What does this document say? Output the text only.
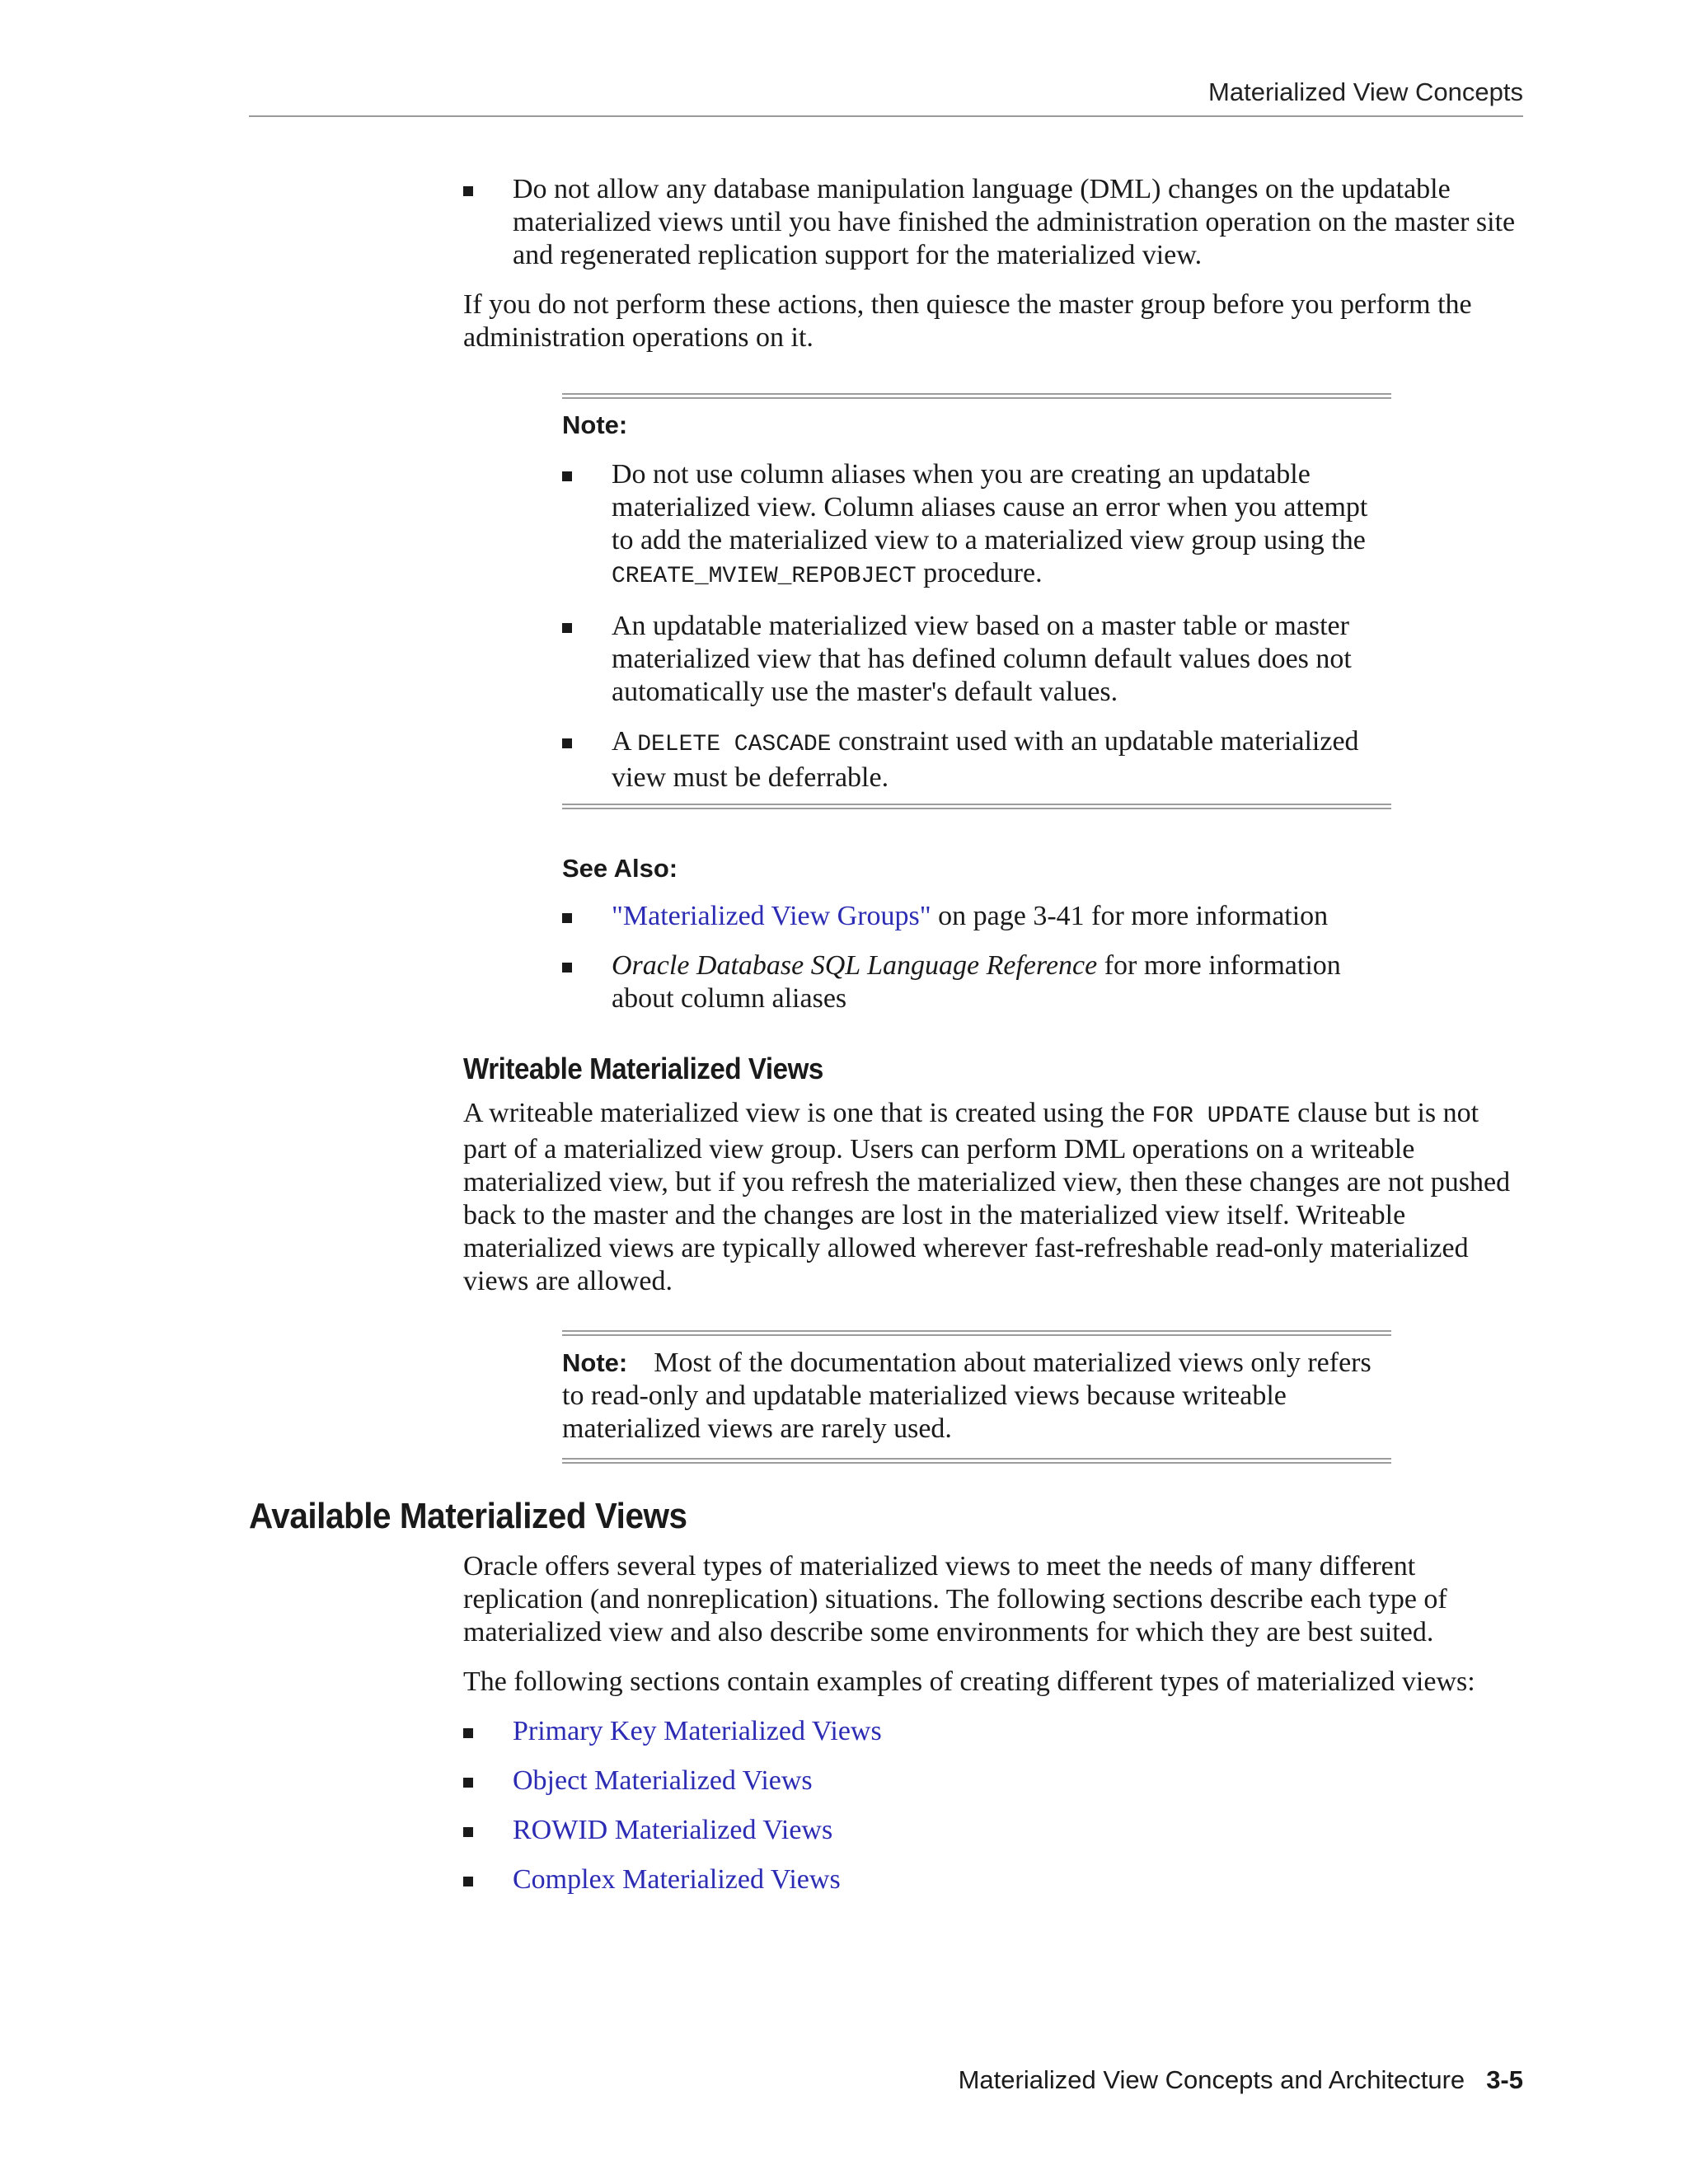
Materialized View Concepts
Do not allow any database manipulation language (DML) changes on the updatable materialized views until you have finished the administration operation on the master site and regenerated replication support for the materialized view.

If you do not perform these actions, then quiesce the master group before you perform the administration operations on it.

Note:
Do not use column aliases when you are creating an updatable materialized view. Column aliases cause an error when you attempt to add the materialized view to a materialized view group using the CREATE_MVIEW_REPOBJECT procedure.
An updatable materialized view based on a master table or master materialized view that has defined column default values does not automatically use the master's default values.
A DELETE CASCADE constraint used with an updatable materialized view must be deferrable.
See Also:
"Materialized View Groups" on page 3-41 for more information
Oracle Database SQL Language Reference for more information about column aliases
Writeable Materialized Views

A writeable materialized view is one that is created using the FOR UPDATE clause but is not part of a materialized view group. Users can perform DML operations on a writeable materialized view, but if you refresh the materialized view, then these changes are not pushed back to the master and the changes are lost in the materialized view itself. Writeable materialized views are typically allowed wherever fast-refreshable read-only materialized views are allowed.

Note: Most of the documentation about materialized views only refers to read-only and updatable materialized views because writeable materialized views are rarely used.

Available Materialized Views

Oracle offers several types of materialized views to meet the needs of many different replication (and nonreplication) situations. The following sections describe each type of materialized view and also describe some environments for which they are best suited.

The following sections contain examples of creating different types of materialized views:

Primary Key Materialized Views
Object Materialized Views
ROWID Materialized Views
Complex Materialized Views
Materialized View Concepts and Architecture 3-5
